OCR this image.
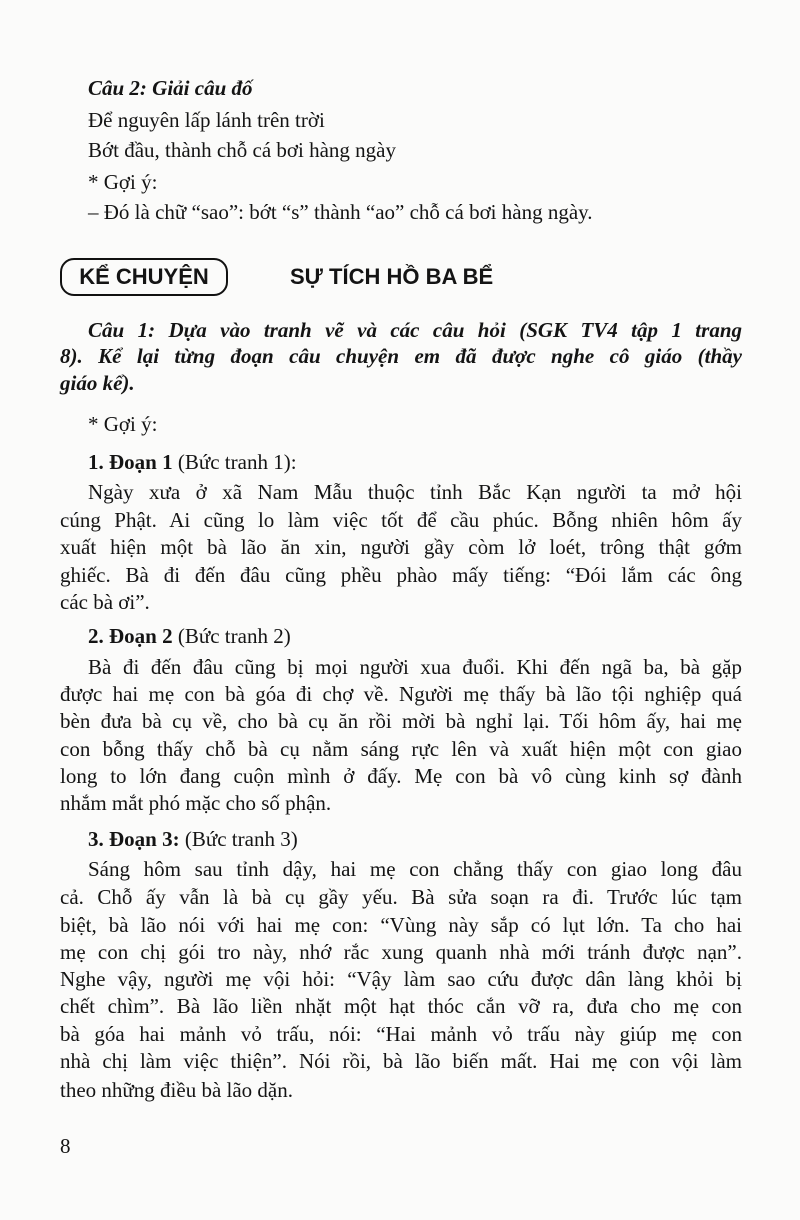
Câu 2: Giải câu đố
Để nguyên lấp lánh trên trời
Bớt đầu, thành chỗ cá bơi hàng ngày
* Gợi ý:
– Đó là chữ “sao”: bớt “s” thành “ao” chỗ cá bơi hàng ngày.
KỂ CHUYỆN	SỰ TÍCH HỒ BA BỂ
Câu 1: Dựa vào tranh vẽ và các câu hỏi (SGK TV4 tập 1 trang
8). Kể lại từng đoạn câu chuyện em đã được nghe cô giáo (thầy
giáo kể).
* Gợi ý:
1. Đoạn 1 (Bức tranh 1):
Ngày xưa ở xã Nam Mẫu thuộc tỉnh Bắc Kạn người ta mở hội
cúng Phật. Ai cũng lo làm việc tốt để cầu phúc. Bỗng nhiên hôm ấy
xuất hiện một bà lão ăn xin, người gầy còm lở loét, trông thật gớm
ghiếc. Bà đi đến đâu cũng phều phào mấy tiếng: “Đói lắm các ông
các bà ơi”.
2. Đoạn 2 (Bức tranh 2)
Bà đi đến đâu cũng bị mọi người xua đuổi. Khi đến ngã ba, bà gặp
được hai mẹ con bà góa đi chợ về. Người mẹ thấy bà lão tội nghiệp quá
bèn đưa bà cụ về, cho bà cụ ăn rồi mời bà nghỉ lại. Tối hôm ấy, hai mẹ
con bỗng thấy chỗ bà cụ nằm sáng rực lên và xuất hiện một con giao
long to lớn đang cuộn mình ở đấy. Mẹ con bà vô cùng kinh sợ đành
nhắm mắt phó mặc cho số phận.
3. Đoạn 3: (Bức tranh 3)
Sáng hôm sau tỉnh dậy, hai mẹ con chẳng thấy con giao long đâu
cả. Chỗ ấy vẫn là bà cụ gầy yếu. Bà sửa soạn ra đi. Trước lúc tạm
biệt, bà lão nói với hai mẹ con: “Vùng này sắp có lụt lớn. Ta cho hai
mẹ con chị gói tro này, nhớ rắc xung quanh nhà mới tránh được nạn”.
Nghe vậy, người mẹ vội hỏi: “Vậy làm sao cứu được dân làng khỏi bị
chết chìm”. Bà lão liền nhặt một hạt thóc cắn vỡ ra, đưa cho mẹ con
bà góa hai mảnh vỏ trấu, nói: “Hai mảnh vỏ trấu này giúp mẹ con
nhà chị làm việc thiện”. Nói rồi, bà lão biến mất. Hai mẹ con vội làm
theo những điều bà lão dặn.
8
